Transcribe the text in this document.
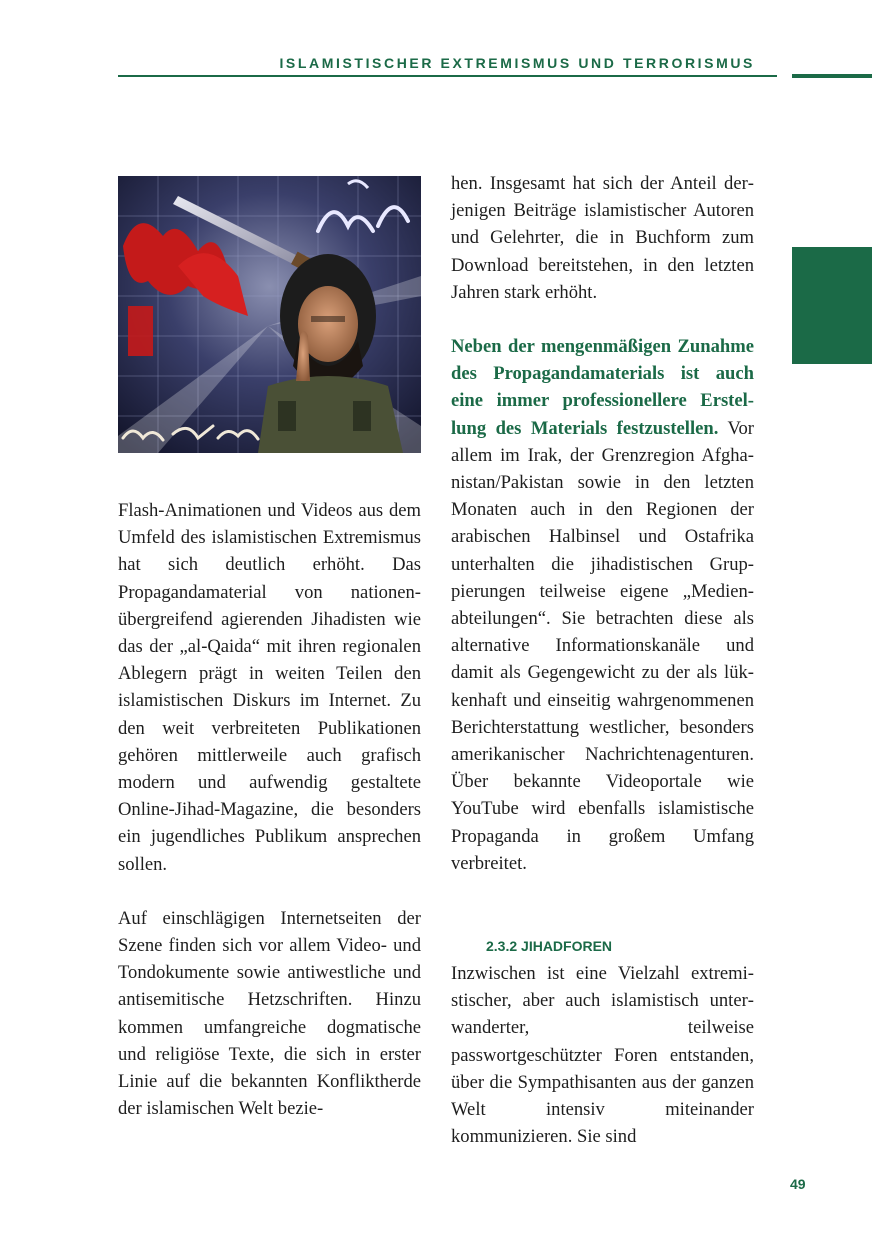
ISLAMISTISCHER EXTREMISMUS UND TERRORISMUS

Flash-Animationen und Videos aus dem Umfeld des islamistischen Extremismus hat sich deutlich erhöht. Das Propagandamaterial von nationenübergreifend agierenden Jihadisten wie das der „al-Qaida“ mit ihren regionalen Ablegern prägt in weiten Teilen den islamistischen Diskurs im Internet. Zu den weit verbreiteten Publikationen gehören mittlerweile auch grafisch modern und aufwendig gestaltete Online-Jihad-Magazine, die besonders ein jugendliches Publikum ansprechen sollen.

Auf einschlägigen Internetseiten der Szene finden sich vor allem Video- und Tondokumente sowie antiwestliche und antisemitische Hetzschriften. Hinzu kommen umfangreiche dogmatische und religiöse Texte, die sich in erster Linie auf die bekannten Konfliktherde der islamischen Welt bezie-

hen. Insgesamt hat sich der Anteil derjenigen Beiträge islamistischer Autoren und Gelehrter, die in Buchform zum Download bereitstehen, in den letzten Jahren stark erhöht.

Neben der mengenmäßigen Zunahme des Propagandamaterials ist auch eine immer professionellere Erstellung des Materials festzustellen. Vor allem im Irak, der Grenzregion Afghanistan/Pakistan sowie in den letzten Monaten auch in den Regionen der arabischen Halbinsel und Ostafrika unterhalten die jihadistischen Gruppierungen teilweise eigene „Medienabteilungen“. Sie betrachten diese als alternative Informationskanäle und damit als Gegengewicht zu der als lükkenhaft und einseitig wahrgenommenen Berichterstattung westlicher, besonders amerikanischer Nachrichtenagenturen. Über bekannte Videoportale wie YouTube wird ebenfalls islamistische Propaganda in großem Umfang verbreitet.

2.3.2 JIHADFOREN

Inzwischen ist eine Vielzahl extremistischer, aber auch islamistisch unterwanderter, teilweise passwortgeschützter Foren entstanden, über die Sympathisanten aus der ganzen Welt intensiv miteinander kommunizieren. Sie sind

49
